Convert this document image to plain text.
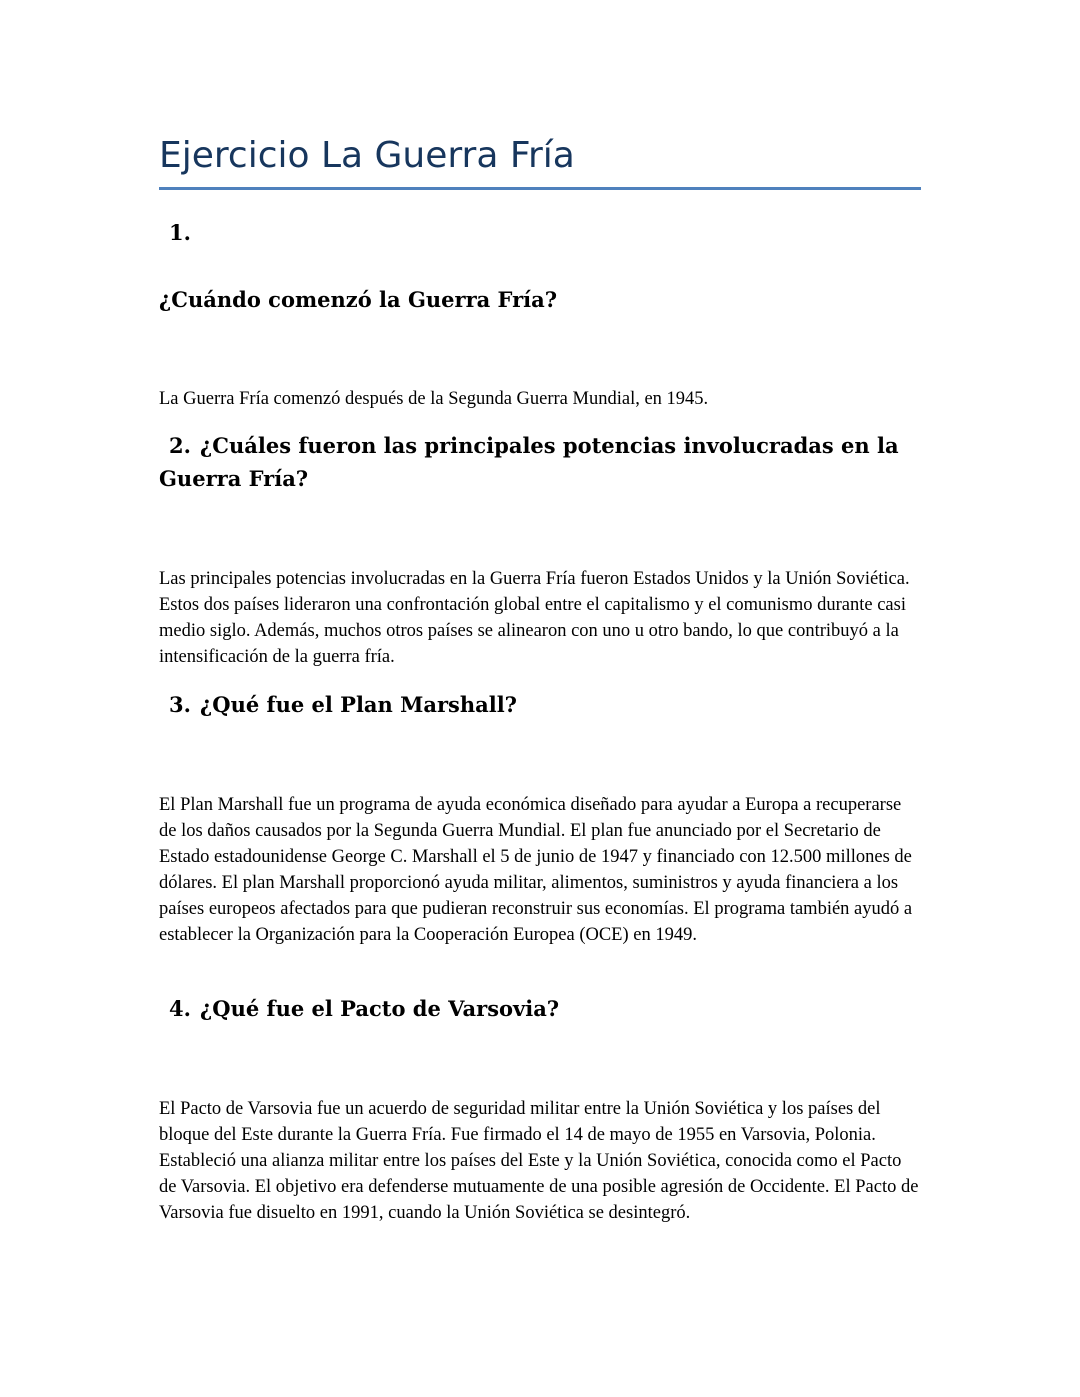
Ejercicio La Guerra Fría
1.
¿Cuándo comenzó la Guerra Fría?

La Guerra Fría comenzó después de la Segunda Guerra Mundial, en 1945.

2. ¿Cuáles fueron las principales potencias involucradas en la Guerra Fría?

Las principales potencias involucradas en la Guerra Fría fueron Estados Unidos y la Unión Soviética. Estos dos países lideraron una confrontación global entre el capitalismo y el comunismo durante casi medio siglo. Además, muchos otros países se alinearon con uno u otro bando, lo que contribuyó a la intensificación de la guerra fría.

3. ¿Qué fue el Plan Marshall?

El Plan Marshall fue un programa de ayuda económica diseñado para ayudar a Europa a recuperarse de los daños causados por la Segunda Guerra Mundial. El plan fue anunciado por el Secretario de Estado estadounidense George C. Marshall el 5 de junio de 1947 y financiado con 12.500 millones de dólares. El plan Marshall proporcionó ayuda militar, alimentos, suministros y ayuda financiera a los países europeos afectados para que pudieran reconstruir sus economías. El programa también ayudó a establecer la Organización para la Cooperación Europea (OCE) en 1949.

4. ¿Qué fue el Pacto de Varsovia?

El Pacto de Varsovia fue un acuerdo de seguridad militar entre la Unión Soviética y los países del bloque del Este durante la Guerra Fría. Fue firmado el 14 de mayo de 1955 en Varsovia, Polonia. Estableció una alianza militar entre los países del Este y la Unión Soviética, conocida como el Pacto de Varsovia. El objetivo era defenderse mutuamente de una posible agresión de Occidente. El Pacto de Varsovia fue disuelto en 1991, cuando la Unión Soviética se desintegró.
